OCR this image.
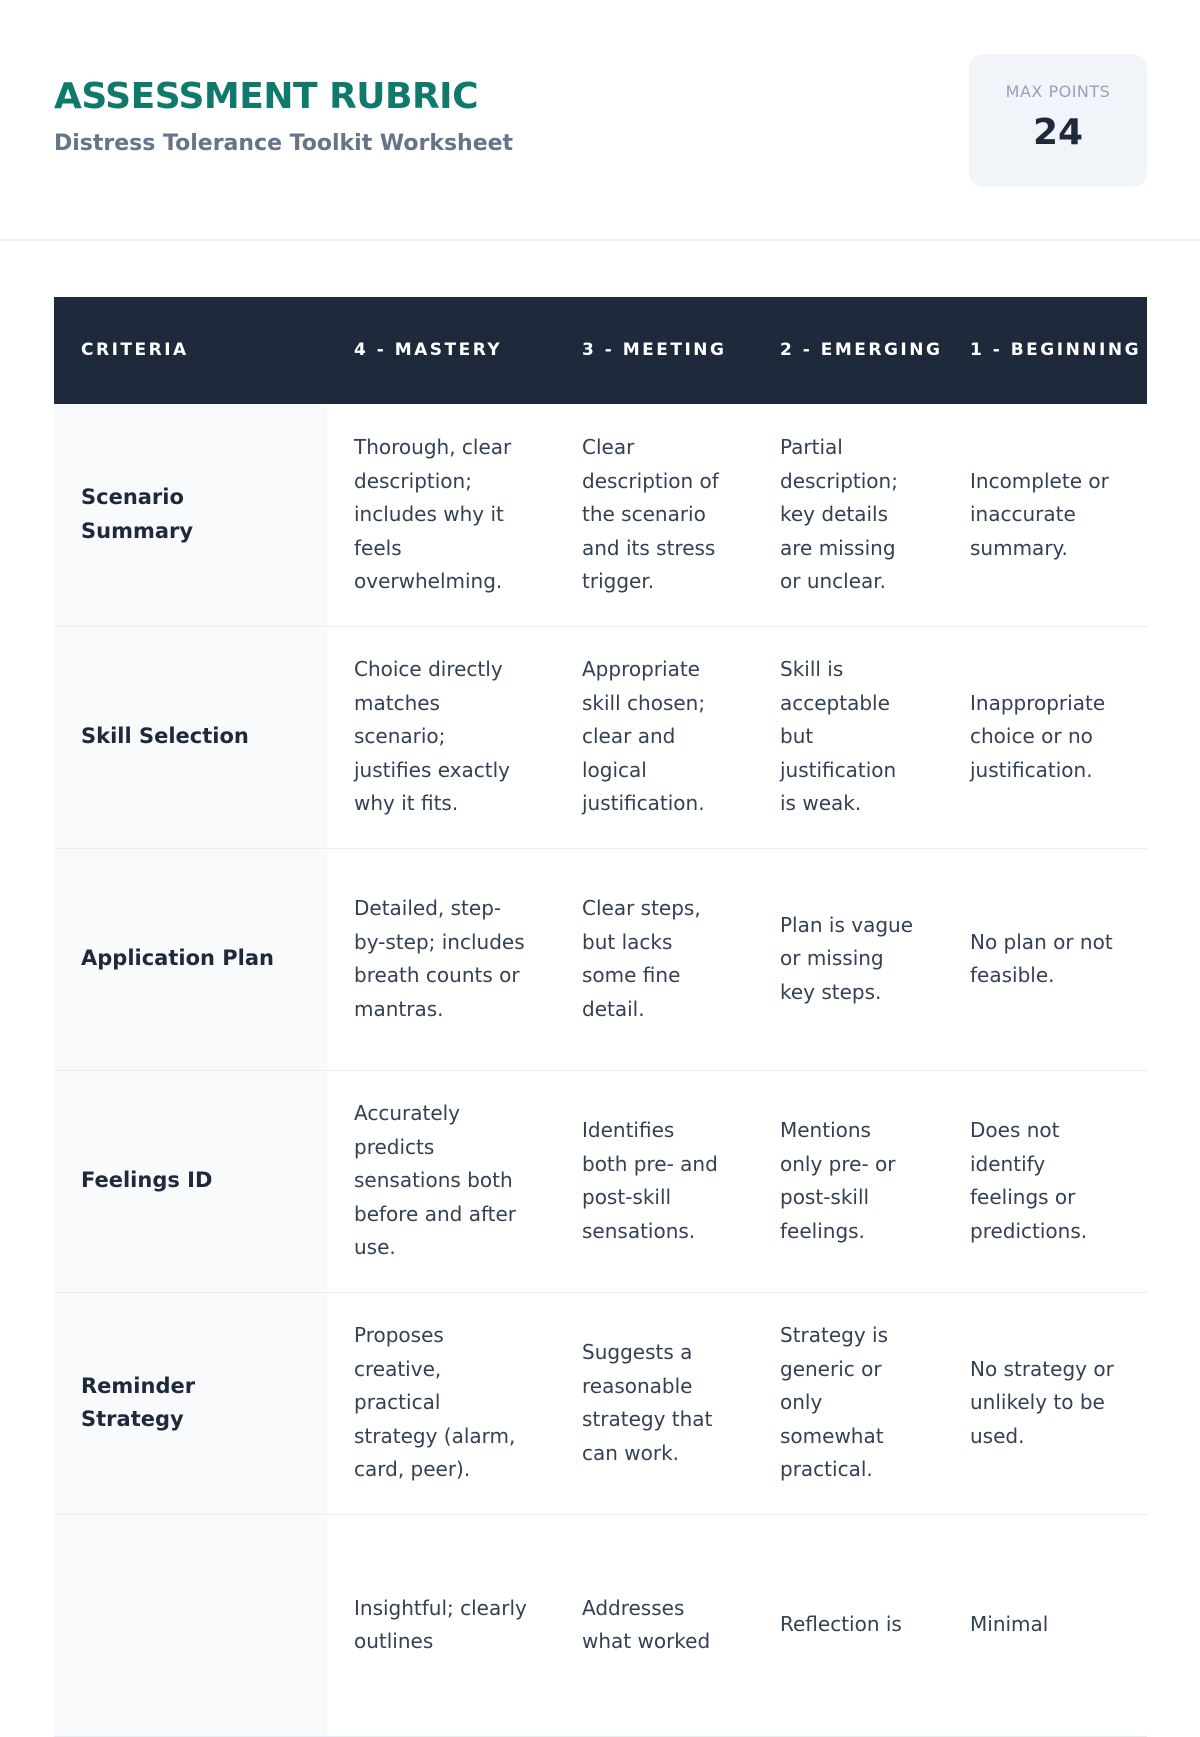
ASSESSMENT RUBRIC
Distress Tolerance Toolkit Worksheet
MAX POINTS
24
CRITERIA	4 - MASTERY	3 - MEETING	2 - EMERGING	1 - BEGINNING
Scenario Summary	Thorough, clear description; includes why it feels overwhelming.	Clear description of the scenario and its stress trigger.	Partial description; key details are missing or unclear.	Incomplete or inaccurate summary.
Skill Selection	Choice directly matches scenario; justifies exactly why it fits.	Appropriate skill chosen; clear and logical justification.	Skill is acceptable but justification is weak.	Inappropriate choice or no justification.
Application Plan	Detailed, step-by-step; includes breath counts or mantras.	Clear steps, but lacks some fine detail.	Plan is vague or missing key steps.	No plan or not feasible.
Feelings ID	Accurately predicts sensations both before and after use.	Identifies both pre- and post-skill sensations.	Mentions only pre- or post-skill feelings.	Does not identify feelings or predictions.
Reminder Strategy	Proposes creative, practical strategy (alarm, card, peer).	Suggests a reasonable strategy that can work.	Strategy is generic or only somewhat practical.	No strategy or unlikely to be used.
	Insightful; clearly outlines	Addresses what worked	Reflection is	Minimal
